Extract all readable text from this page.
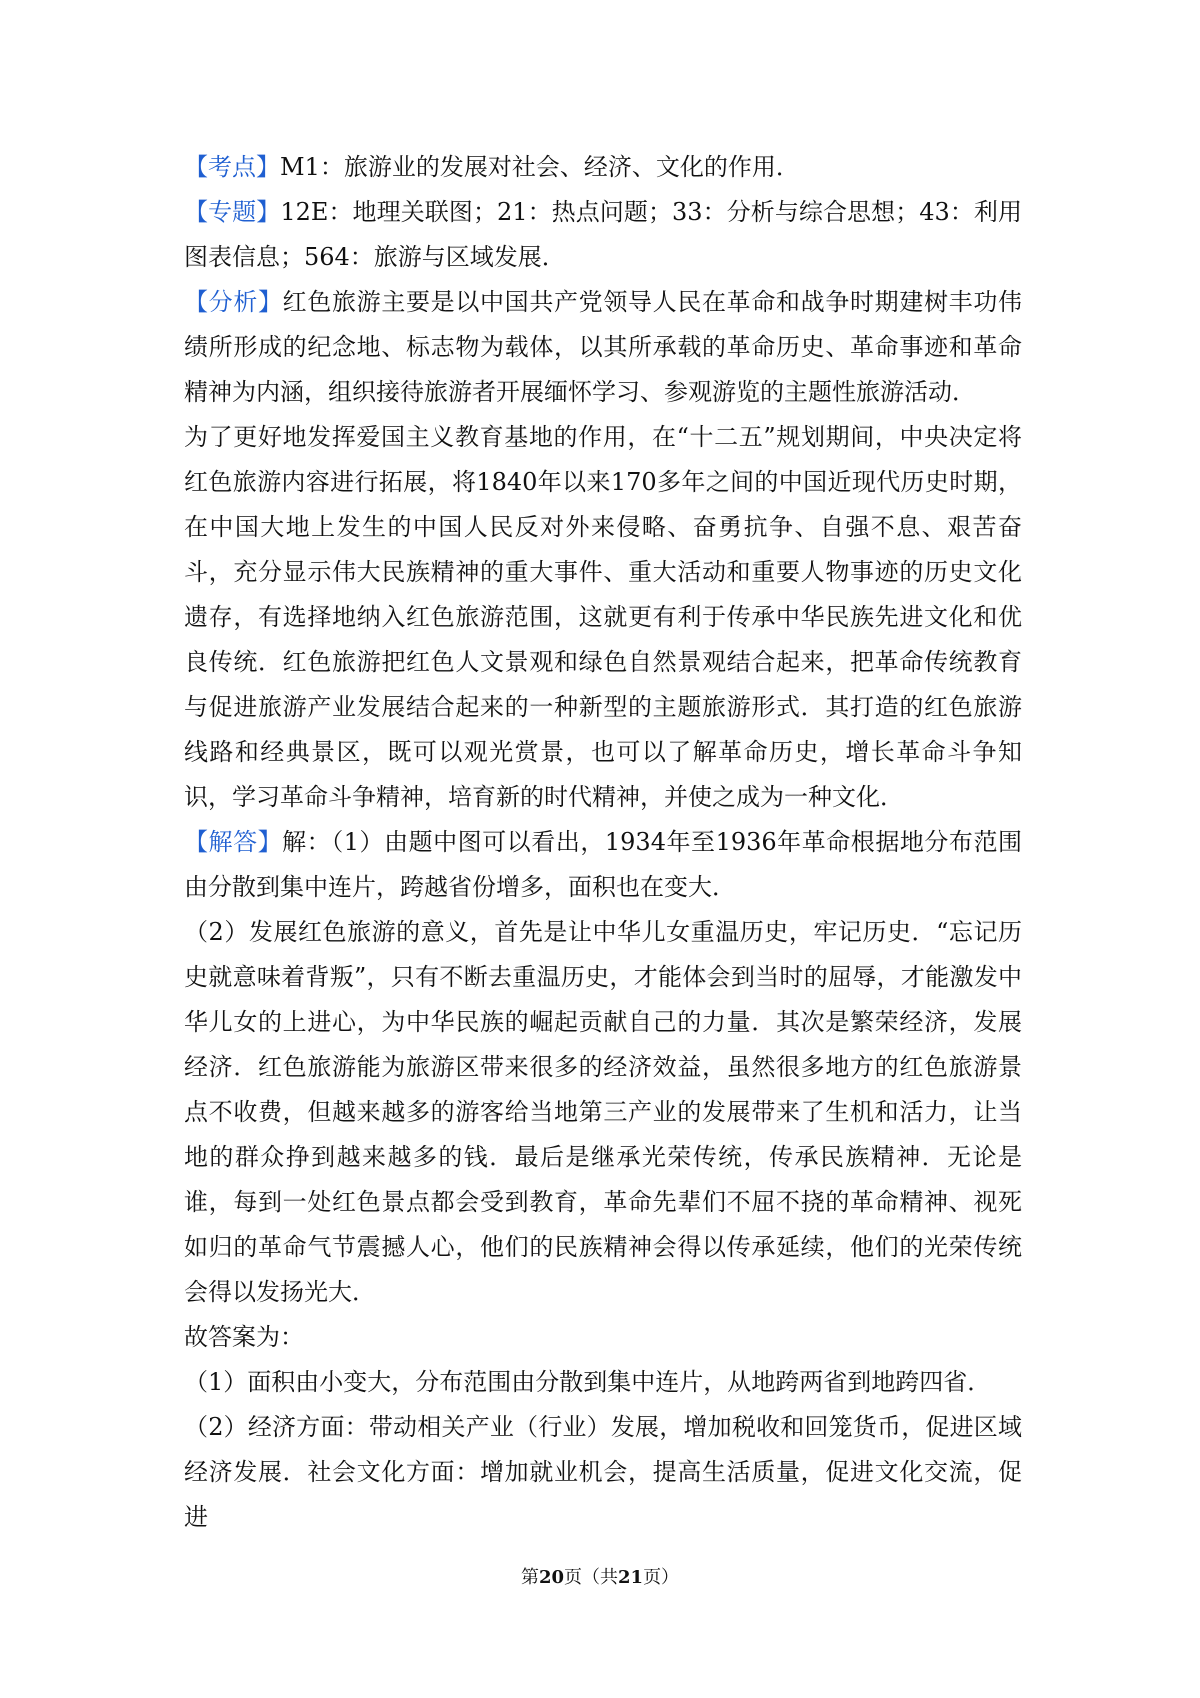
【考点】M1：旅游业的发展对社会、经济、文化的作用．

【专题】12E：地理关联图；21：热点问题；33：分析与综合思想；43：利用图表信息；564：旅游与区域发展．

【分析】红色旅游主要是以中国共产党领导人民在革命和战争时期建树丰功伟绩所形成的纪念地、标志物为载体，以其所承载的革命历史、革命事迹和革命精神为内涵，组织接待旅游者开展缅怀学习、参观游览的主题性旅游活动．

为了更好地发挥爱国主义教育基地的作用，在“十二五”规划期间，中央决定将红色旅游内容进行拓展，将1840年以来170多年之间的中国近现代历史时期，在中国大地上发生的中国人民反对外来侵略、奋勇抗争、自强不息、艰苦奋斗，充分显示伟大民族精神的重大事件、重大活动和重要人物事迹的历史文化遗存，有选择地纳入红色旅游范围，这就更有利于传承中华民族先进文化和优良传统．红色旅游把红色人文景观和绿色自然景观结合起来，把革命传统教育与促进旅游产业发展结合起来的一种新型的主题旅游形式．其打造的红色旅游线路和经典景区，既可以观光赏景，也可以了解革命历史，增长革命斗争知识，学习革命斗争精神，培育新的时代精神，并使之成为一种文化．

【解答】解：（1）由题中图可以看出，1934年至1936年革命根据地分布范围由分散到集中连片，跨越省份增多，面积也在变大．

（2）发展红色旅游的意义，首先是让中华儿女重温历史，牢记历史．“忘记历史就意味着背叛”，只有不断去重温历史，才能体会到当时的屈辱，才能激发中华儿女的上进心，为中华民族的崛起贡献自己的力量．其次是繁荣经济，发展经济．红色旅游能为旅游区带来很多的经济效益，虽然很多地方的红色旅游景点不收费，但越来越多的游客给当地第三产业的发展带来了生机和活力，让当地的群众挣到越来越多的钱．最后是继承光荣传统，传承民族精神．无论是谁，每到一处红色景点都会受到教育，革命先辈们不屈不挠的革命精神、视死如归的革命气节震撼人心，他们的民族精神会得以传承延续，他们的光荣传统会得以发扬光大．

故答案为：

（1）面积由小变大，分布范围由分散到集中连片，从地跨两省到地跨四省．

（2）经济方面：带动相关产业（行业）发展，增加税收和回笼货币，促进区域经济发展．社会文化方面：增加就业机会，提高生活质量，促进文化交流，促进

第20页（共21页）
